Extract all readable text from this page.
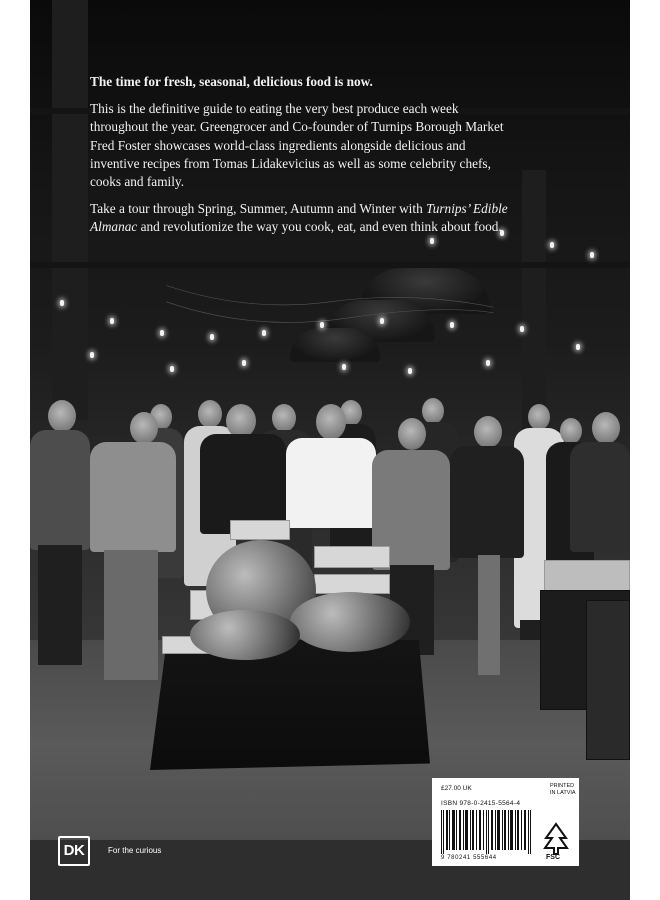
The time for fresh, seasonal, delicious food is now.

This is the definitive guide to eating the very best produce each week throughout the year. Greengrocer and Co-founder of Turnips Borough Market Fred Foster showcases world-class ingredients alongside delicious and inventive recipes from Tomas Lidakevicius as well as some celebrity chefs, cooks and family.

Take a tour through Spring, Summer, Autumn and Winter with Turnips’ Edible Almanac and revolutionize the way you cook, eat, and even think about food.

DK	For the curious
£27.00 UK	PRINTED IN LATVIA
ISBN 978-0-2415-5564-4
9 780241 555644	FSC
